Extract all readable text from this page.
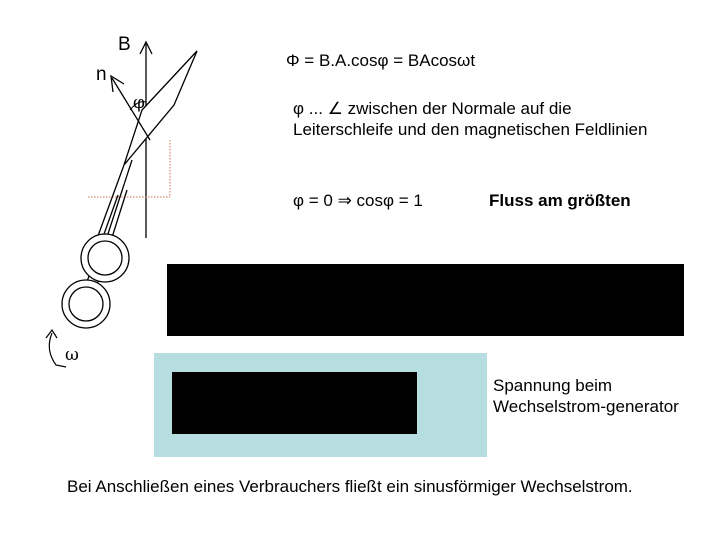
B
n
φ
ω
Φ = B.A.cosφ = BAcosωt
φ ... ∠ zwischen der Normale auf die Leiterschleife und den magnetischen Feldlinien
φ = 0 ⇒ cosφ = 1	Fluss am größten
Spannung beim Wechselstrom-generator
Bei Anschließen eines Verbrauchers fließt ein sinusförmiger Wechselstrom.
